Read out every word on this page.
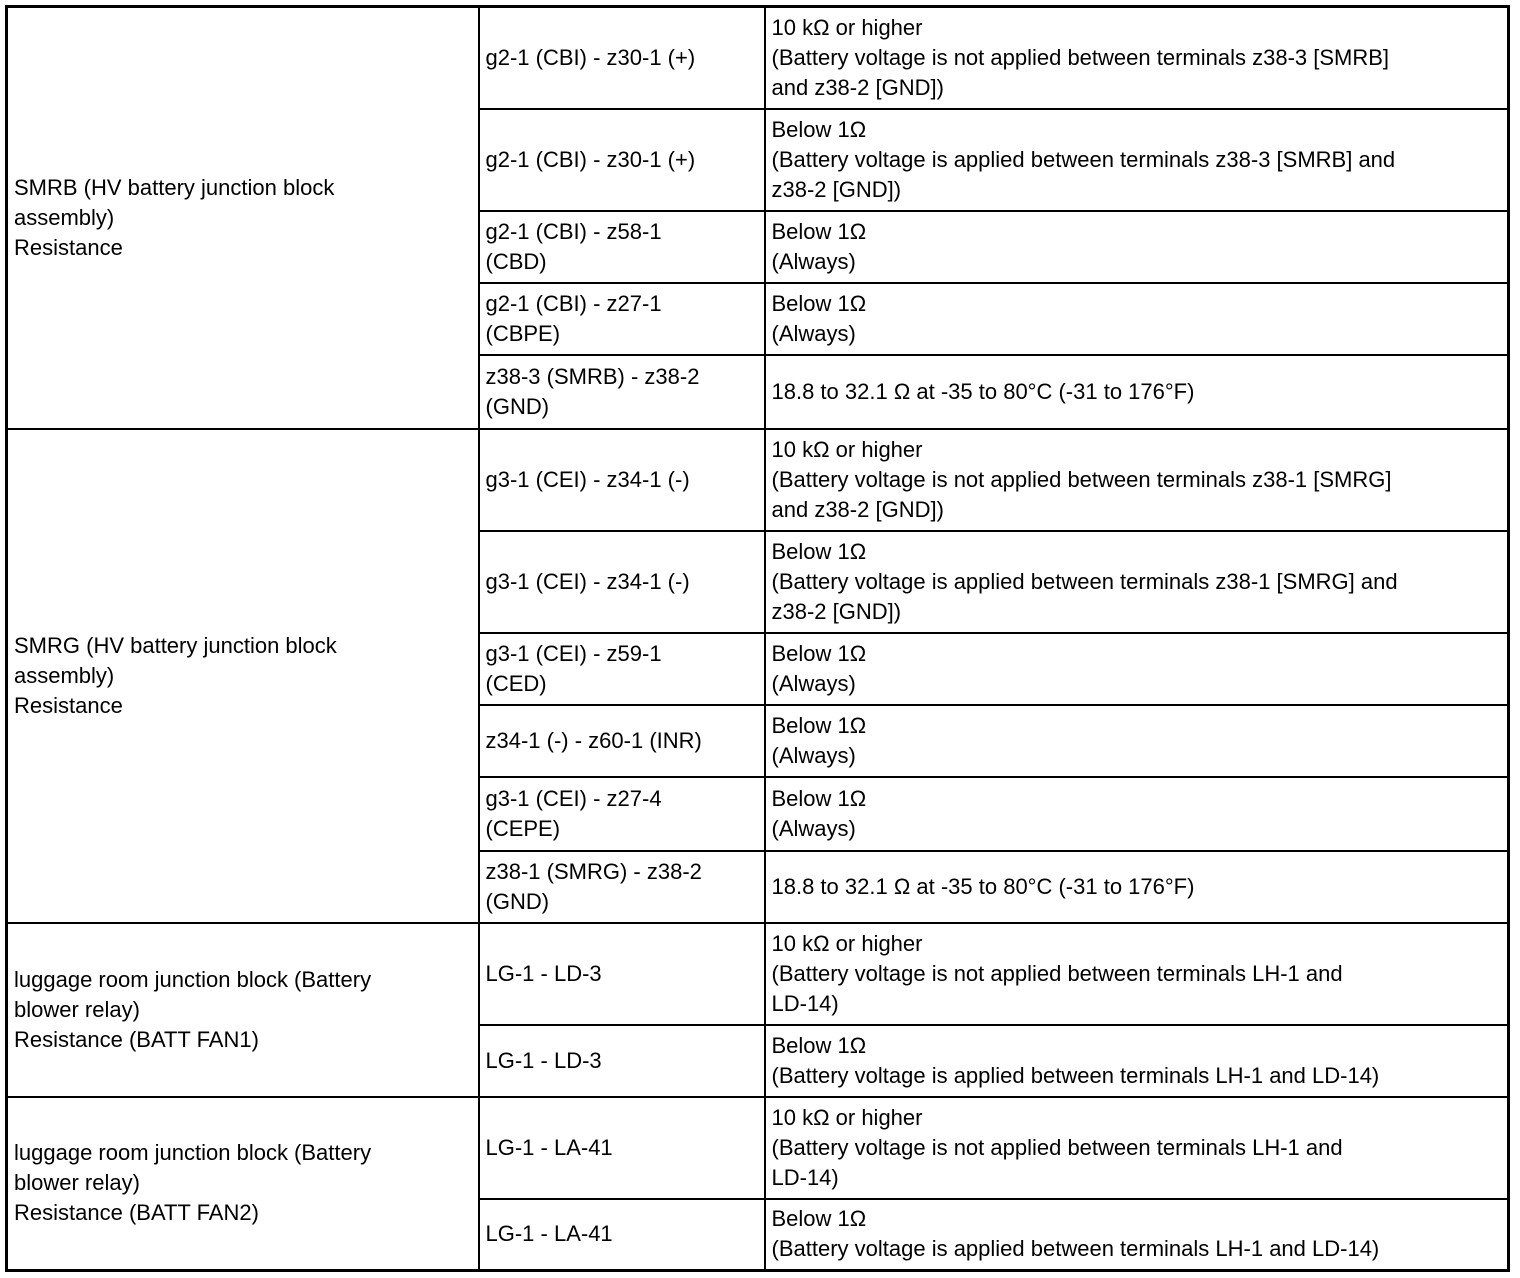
SMRB (HV battery junction block
assembly)
Resistance	g2-1 (CBI) - z30-1 (+)	10 kΩ or higher
(Battery voltage is not applied between terminals z38-3 [SMRB]
and z38-2 [GND])

	g2-1 (CBI) - z30-1 (+)	Below 1Ω
(Battery voltage is applied between terminals z38-3 [SMRB] and
z38-2 [GND])

	g2-1 (CBI) - z58-1
(CBD)	Below 1Ω
(Always)

	g2-1 (CBI) - z27-1
(CBPE)	Below 1Ω
(Always)

	z38-3 (SMRB) - z38-2
(GND)	18.8 to 32.1 Ω at -35 to 80°C (-31 to 176°F)

SMRG (HV battery junction block
assembly)
Resistance	g3-1 (CEI) - z34-1 (-)	10 kΩ or higher
(Battery voltage is not applied between terminals z38-1 [SMRG]
and z38-2 [GND])

	g3-1 (CEI) - z34-1 (-)	Below 1Ω
(Battery voltage is applied between terminals z38-1 [SMRG] and
z38-2 [GND])

	g3-1 (CEI) - z59-1
(CED)	Below 1Ω
(Always)

	z34-1 (-) - z60-1 (INR)	Below 1Ω
(Always)

	g3-1 (CEI) - z27-4
(CEPE)	Below 1Ω
(Always)

	z38-1 (SMRG) - z38-2
(GND)	18.8 to 32.1 Ω at -35 to 80°C (-31 to 176°F)

luggage room junction block (Battery
blower relay)
Resistance (BATT FAN1)	LG-1 - LD-3	10 kΩ or higher
(Battery voltage is not applied between terminals LH-1 and
LD-14)

	LG-1 - LD-3	Below 1Ω
(Battery voltage is applied between terminals LH-1 and LD-14)

luggage room junction block (Battery
blower relay)
Resistance (BATT FAN2)	LG-1 - LA-41	10 kΩ or higher
(Battery voltage is not applied between terminals LH-1 and
LD-14)

	LG-1 - LA-41	Below 1Ω
(Battery voltage is applied between terminals LH-1 and LD-14)
